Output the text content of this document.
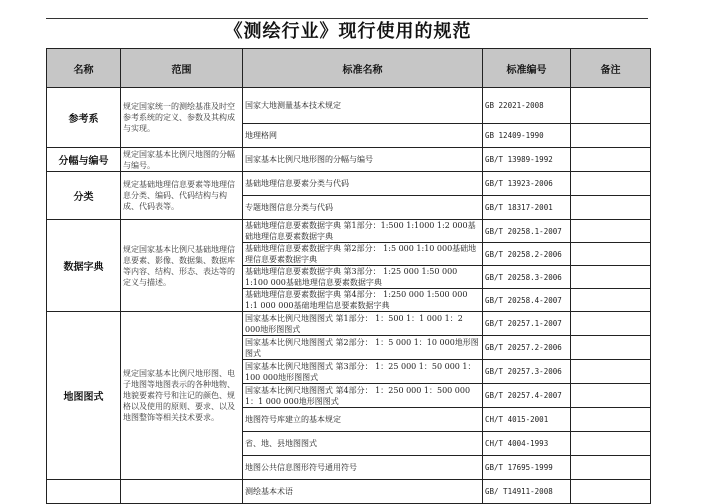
《测绘行业》现行使用的规范
名称	范围	标准名称	标准编号	备注
参考系	规定国家统一的测绘基准及时空参考系统的定义、参数及其构成与实现。	国家大地测量基本技术规定	GB 22021-2008	
		地理格网	GB 12409-1990	
分幅与编号	规定国家基本比例尺地图的分幅与编号。	国家基本比例尺地形图的分幅与编号	GB/T 13989-1992	
分类	规定基础地理信息要素等地理信息分类、编码、代码结构与构成、代码表等。	基础地理信息要素分类与代码	GB/T 13923-2006	
		专题地图信息分类与代码	GB/T 18317-2001	
数据字典	规定国家基本比例尺基础地理信息要素、影像、数据集、数据库等内容、结构、形态、表达等的定义与描述。	基础地理信息要素数据字典 第1部分：1:500 1:1000 1:2 000基础地理信息要素数据字典	GB/T 20258.1-2007	
		基础地理信息要素数据字典 第2部分： 1:5 000 1:10 000基础地理信息要素数据字典	GB/T 20258.2-2006	
		基础地理信息要素数据字典 第3部分： 1:25 000 1:50 000 1:100 000基础地理信息要素数据字典	GB/T 20258.3-2006	
		基础地理信息要素数据字典 第4部分： 1:250 000 1:500 000 1:1 000 000基础地理信息要素数据字典	GB/T 20258.4-2007	
地图图式	规定国家基本比例尺地形图、电子地图等地图表示的各种地物、地貌要素符号和注记的颜色、规格以及使用的原则、要求、以及地图整饰等相关技术要求。	国家基本比例尺地图图式 第1部分： 1：500 1：1 000 1：2 000地形图图式	GB/T 20257.1-2007	
		国家基本比例尺地图图式 第2部分： 1：5 000 1：10 000地形图图式	GB/T 20257.2-2006	
		国家基本比例尺地图图式 第3部分： 1：25 000 1：50 000 1：100 000地形图图式	GB/T 20257.3-2006	
		国家基本比例尺地图图式 第4部分： 1：250 000 1：500 000 1：1 000 000地形图图式	GB/T 20257.4-2007	
		地图符号库建立的基本规定	CH/T 4015-2001	
		省、地、县地图图式	CH/T 4004-1993	
		地图公共信息图形符号通用符号	GB/T 17695-1999	
		测绘基本术语	GB/ T14911-2008	
